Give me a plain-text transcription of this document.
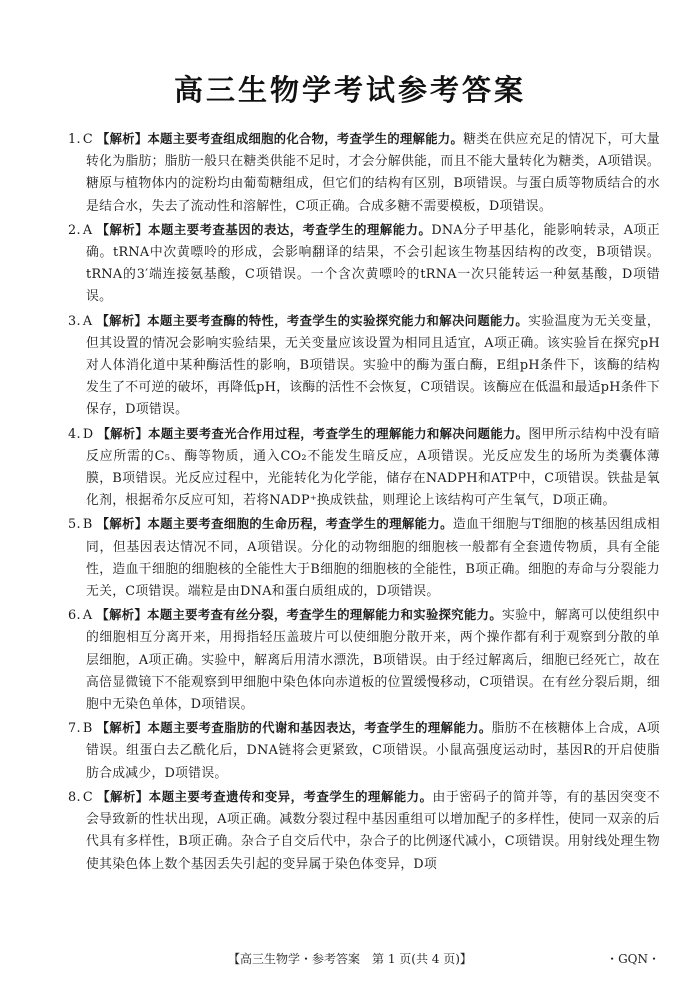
高三生物学考试参考答案

1. C 【解析】本题主要考查组成细胞的化合物，考查学生的理解能力。糖类在供应充足的情况下，可大量转化为脂肪；脂肪一般只在糖类供能不足时，才会分解供能，而且不能大量转化为糖类，A项错误。糖原与植物体内的淀粉均由葡萄糖组成，但它们的结构有区别，B项错误。与蛋白质等物质结合的水是结合水，失去了流动性和溶解性，C项正确。合成多糖不需要模板，D项错误。

2. A 【解析】本题主要考查基因的表达，考查学生的理解能力。DNA分子甲基化，能影响转录，A项正确。tRNA中次黄嘌呤的形成，会影响翻译的结果，不会引起该生物基因结构的改变，B项错误。tRNA的3′端连接氨基酸，C项错误。一个含次黄嘌呤的tRNA一次只能转运一种氨基酸，D项错误。

3. A 【解析】本题主要考查酶的特性，考查学生的实验探究能力和解决问题能力。实验温度为无关变量，但其设置的情况会影响实验结果，无关变量应该设置为相同且适宜，A项正确。该实验旨在探究pH对人体消化道中某种酶活性的影响，B项错误。实验中的酶为蛋白酶，E组pH条件下，该酶的结构发生了不可逆的破坏，再降低pH，该酶的活性不会恢复，C项错误。该酶应在低温和最适pH条件下保存，D项错误。

4. D 【解析】本题主要考查光合作用过程，考查学生的理解能力和解决问题能力。图甲所示结构中没有暗反应所需的C₅、酶等物质，通入CO₂不能发生暗反应，A项错误。光反应发生的场所为类囊体薄膜，B项错误。光反应过程中，光能转化为化学能，储存在NADPH和ATP中，C项错误。铁盐是氧化剂，根据希尔反应可知，若将NADP⁺换成铁盐，则理论上该结构可产生氧气，D项正确。

5. B 【解析】本题主要考查细胞的生命历程，考查学生的理解能力。造血干细胞与T细胞的核基因组成相同，但基因表达情况不同，A项错误。分化的动物细胞的细胞核一般都有全套遗传物质，具有全能性，造血干细胞的细胞核的全能性大于B细胞的细胞核的全能性，B项正确。细胞的寿命与分裂能力无关，C项错误。端粒是由DNA和蛋白质组成的，D项错误。

6. A 【解析】本题主要考查有丝分裂，考查学生的理解能力和实验探究能力。实验中，解离可以使组织中的细胞相互分离开来，用拇指轻压盖玻片可以使细胞分散开来，两个操作都有利于观察到分散的单层细胞，A项正确。实验中，解离后用清水漂洗，B项错误。由于经过解离后，细胞已经死亡，故在高倍显微镜下不能观察到甲细胞中染色体向赤道板的位置缓慢移动，C项错误。在有丝分裂后期，细胞中无染色单体，D项错误。

7. B 【解析】本题主要考查脂肪的代谢和基因表达，考查学生的理解能力。脂肪不在核糖体上合成，A项错误。组蛋白去乙酰化后，DNA链将会更紧致，C项错误。小鼠高强度运动时，基因R的开启使脂肪合成减少，D项错误。

8. C 【解析】本题主要考查遗传和变异，考查学生的理解能力。由于密码子的简并等，有的基因突变不会导致新的性状出现，A项正确。减数分裂过程中基因重组可以增加配子的多样性，使同一双亲的后代具有多样性，B项正确。杂合子自交后代中，杂合子的比例逐代减小，C项错误。用射线处理生物使其染色体上数个基因丢失引起的变异属于染色体变异，D项

【高三生物学・参考答案　第 1 页(共 4 页)】	・GQN・
